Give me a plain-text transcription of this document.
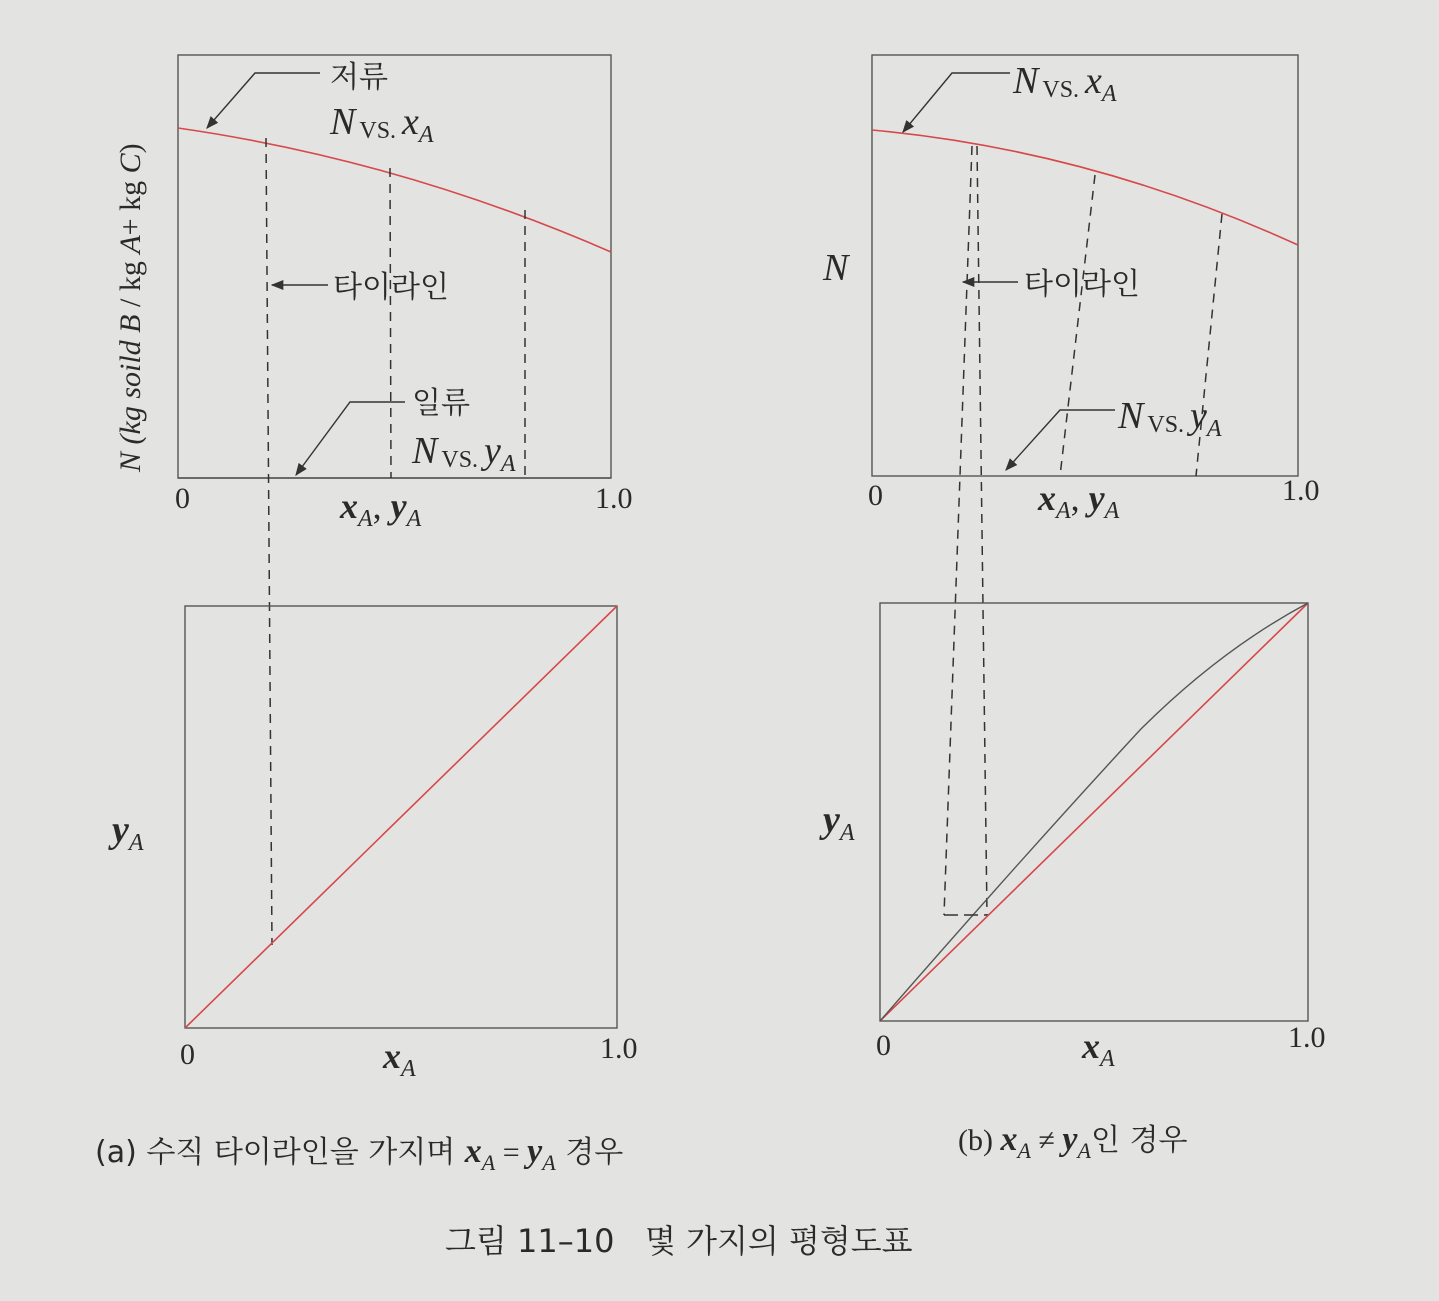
저류
NVS. $x_A$
타이라인
일류
NVS. $y_A$
0	1.0
$x_A$, $y_A$
N (kg soild B / kg A+ kg C)
$y_A$
0	1.0
$x_A$
(a) 수직 타이라인을 가지며 $x_A = y_A$ 경우
NVS. $x_A$
타이라인
NVS. $y_A$
0	1.0
$x_A$, $y_A$
N
$y_A$
0	1.0
$x_A$
(b) $x_A \ne y_A$인 경우
그림 11–10   몇 가지의 평형도표
